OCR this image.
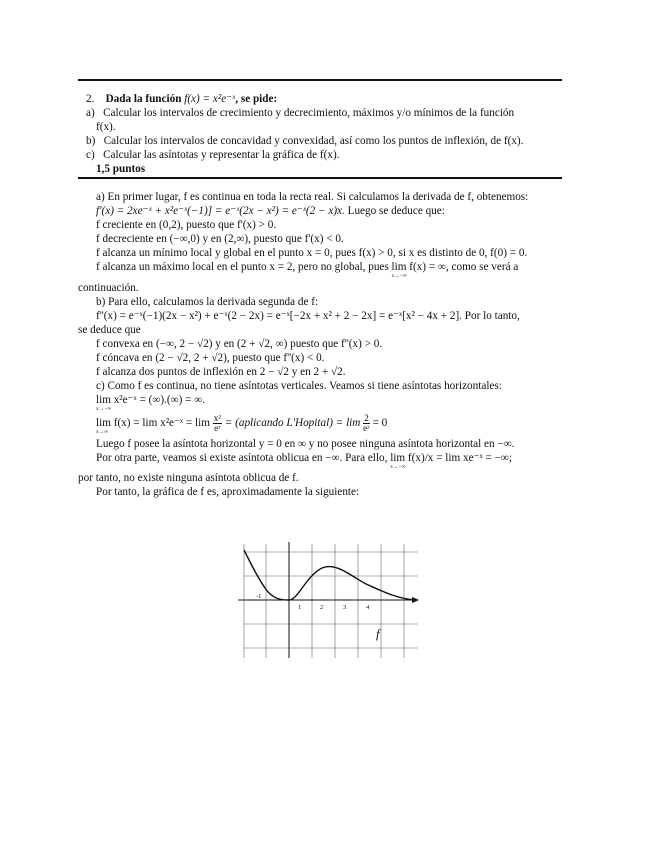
2. Dada la función f(x) = x²e⁻ˣ, se pide:
a) Calcular los intervalos de crecimiento y decrecimiento, máximos y/o mínimos de la función
f(x).
b) Calcular los intervalos de concavidad y convexidad, así como los puntos de inflexión, de f(x).
c) Calcular las asíntotas y representar la gráfica de f(x).
1,5 puntos
a) En primer lugar, f es continua en toda la recta real. Si calculamos la derivada de f, obtenemos:
f'(x) = 2xe⁻ˣ + x²e⁻ˣ(−1)] = e⁻ˣ(2x − x²) = e⁻ˣ(2 − x)x. Luego se deduce que:
f creciente en (0,2), puesto que f'(x) > 0.
f decreciente en (−∞,0) y en (2,∞), puesto que f'(x) < 0.
f alcanza un mínimo local y global en el punto x = 0, pues f(x) > 0, si x es distinto de 0, f(0) = 0.
f alcanza un máximo local en el punto x = 2, pero no global, pues lim f(x) = ∞,
x→−∞
como se verá a
continuación.
b) Para ello, calculamos la derivada segunda de f:
f''(x) = e⁻ˣ(−1)(2x − x²) + e⁻ˣ(2 − 2x) = e⁻ˣ[−2x + x² + 2 − 2x] = e⁻ˣ[x² − 4x + 2]. Por lo tanto,
se deduce que
f convexa en (−∞, 2 − √2) y en (2 + √2, ∞) puesto que f''(x) > 0.
f cóncava en (2 − √2, 2 + √2), puesto que f''(x) < 0.
f alcanza dos puntos de inflexión en 2 − √2 y en 2 + √2.
c) Como f es continua, no tiene asíntotas verticales. Veamos si tiene asíntotas horizontales:
lim x²e⁻ˣ = (∞).(∞) = ∞.
x→−∞
lim f(x) = lim x²e⁻ˣ = lim
x→∞
	$\frac{\text{x²}}{\text{eˣ}}$ = (aplicando L'Hopital) = $\lim \frac{2}{\text{eˣ}} = 0$
Luego f posee la asíntota horizontal y = 0 en ∞ y no posee ninguna asíntota horizontal en −∞.
Por otra parte, veamos si existe asíntota oblicua en −∞. Para ello, lim f(x)/x = lim xe⁻ˣ = −∞;
x→−∞
por tanto, no existe ninguna asíntota oblicua de f.
Por tanto, la gráfica de f es, aproximadamente la siguiente:
-1
1	2	3	4
f
